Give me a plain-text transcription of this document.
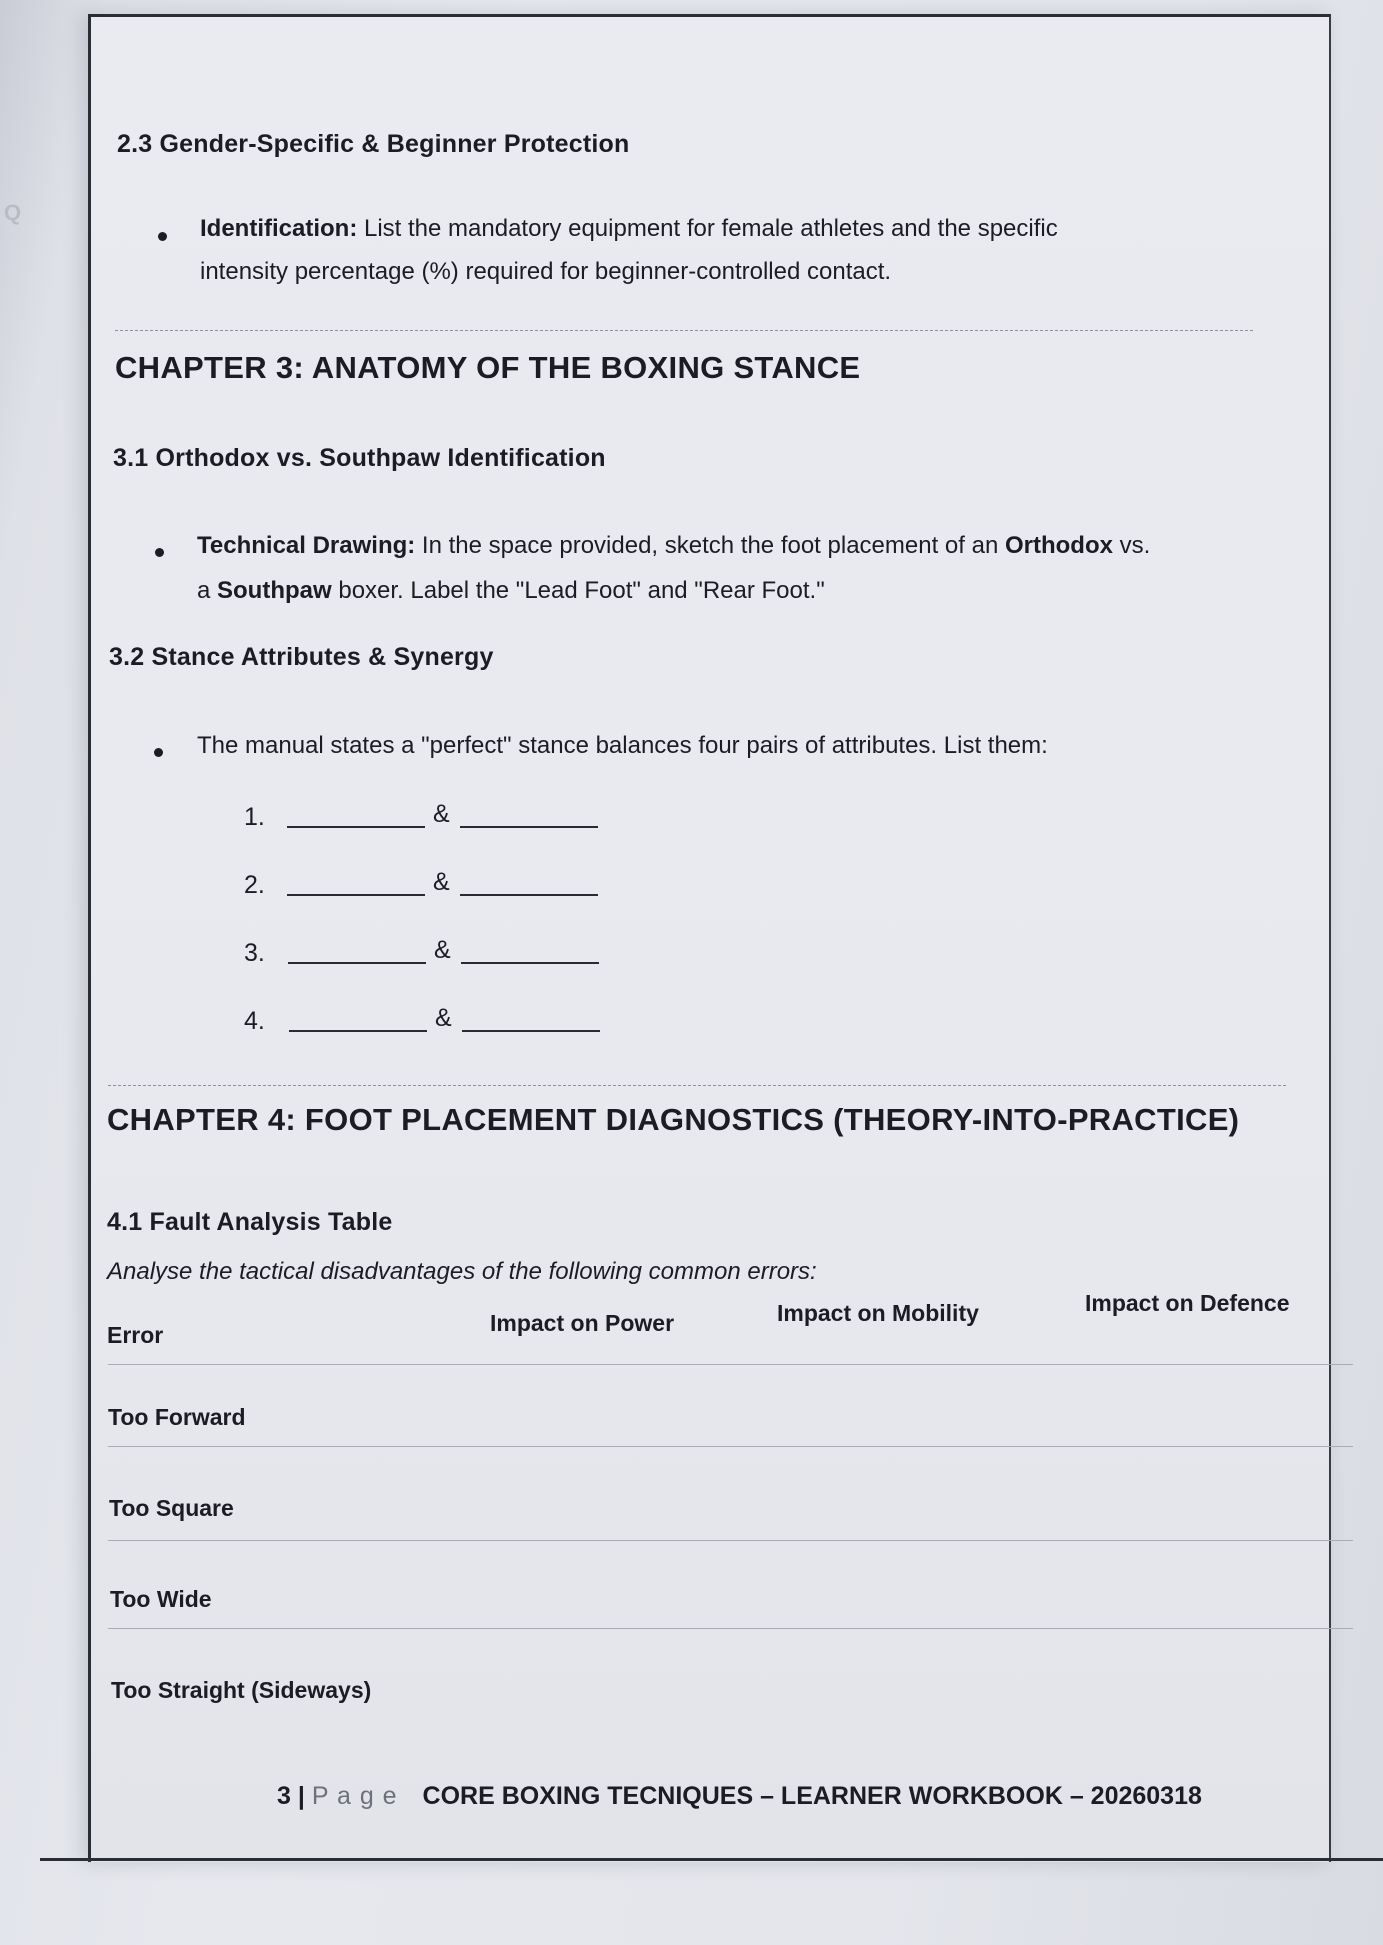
Q​
2.3 Gender-Specific & Beginner Protection
Identification: List the mandatory equipment for female athletes and the specific
intensity percentage (%) required for beginner-controlled contact.
CHAPTER 3: ANATOMY OF THE BOXING STANCE
3.1 Orthodox vs. Southpaw Identification
Technical Drawing: In the space provided, sketch the foot placement of an Orthodox vs.
a Southpaw boxer. Label the "Lead Foot" and "Rear Foot."
3.2 Stance Attributes & Synergy
The manual states a "perfect" stance balances four pairs of attributes. List them:
1.	&
2.	&
3.	&
4.	&
CHAPTER 4: FOOT PLACEMENT DIAGNOSTICS (THEORY-INTO-PRACTICE)
4.1 Fault Analysis Table
Analyse the tactical disadvantages of the following common errors:
Error	Impact on Power	Impact on Mobility	Impact on Defence
Too Forward
Too Square
Too Wide
Too Straight (Sideways)
3 | P a g e CORE BOXING TECNIQUES – LEARNER WORKBOOK – 20260318
